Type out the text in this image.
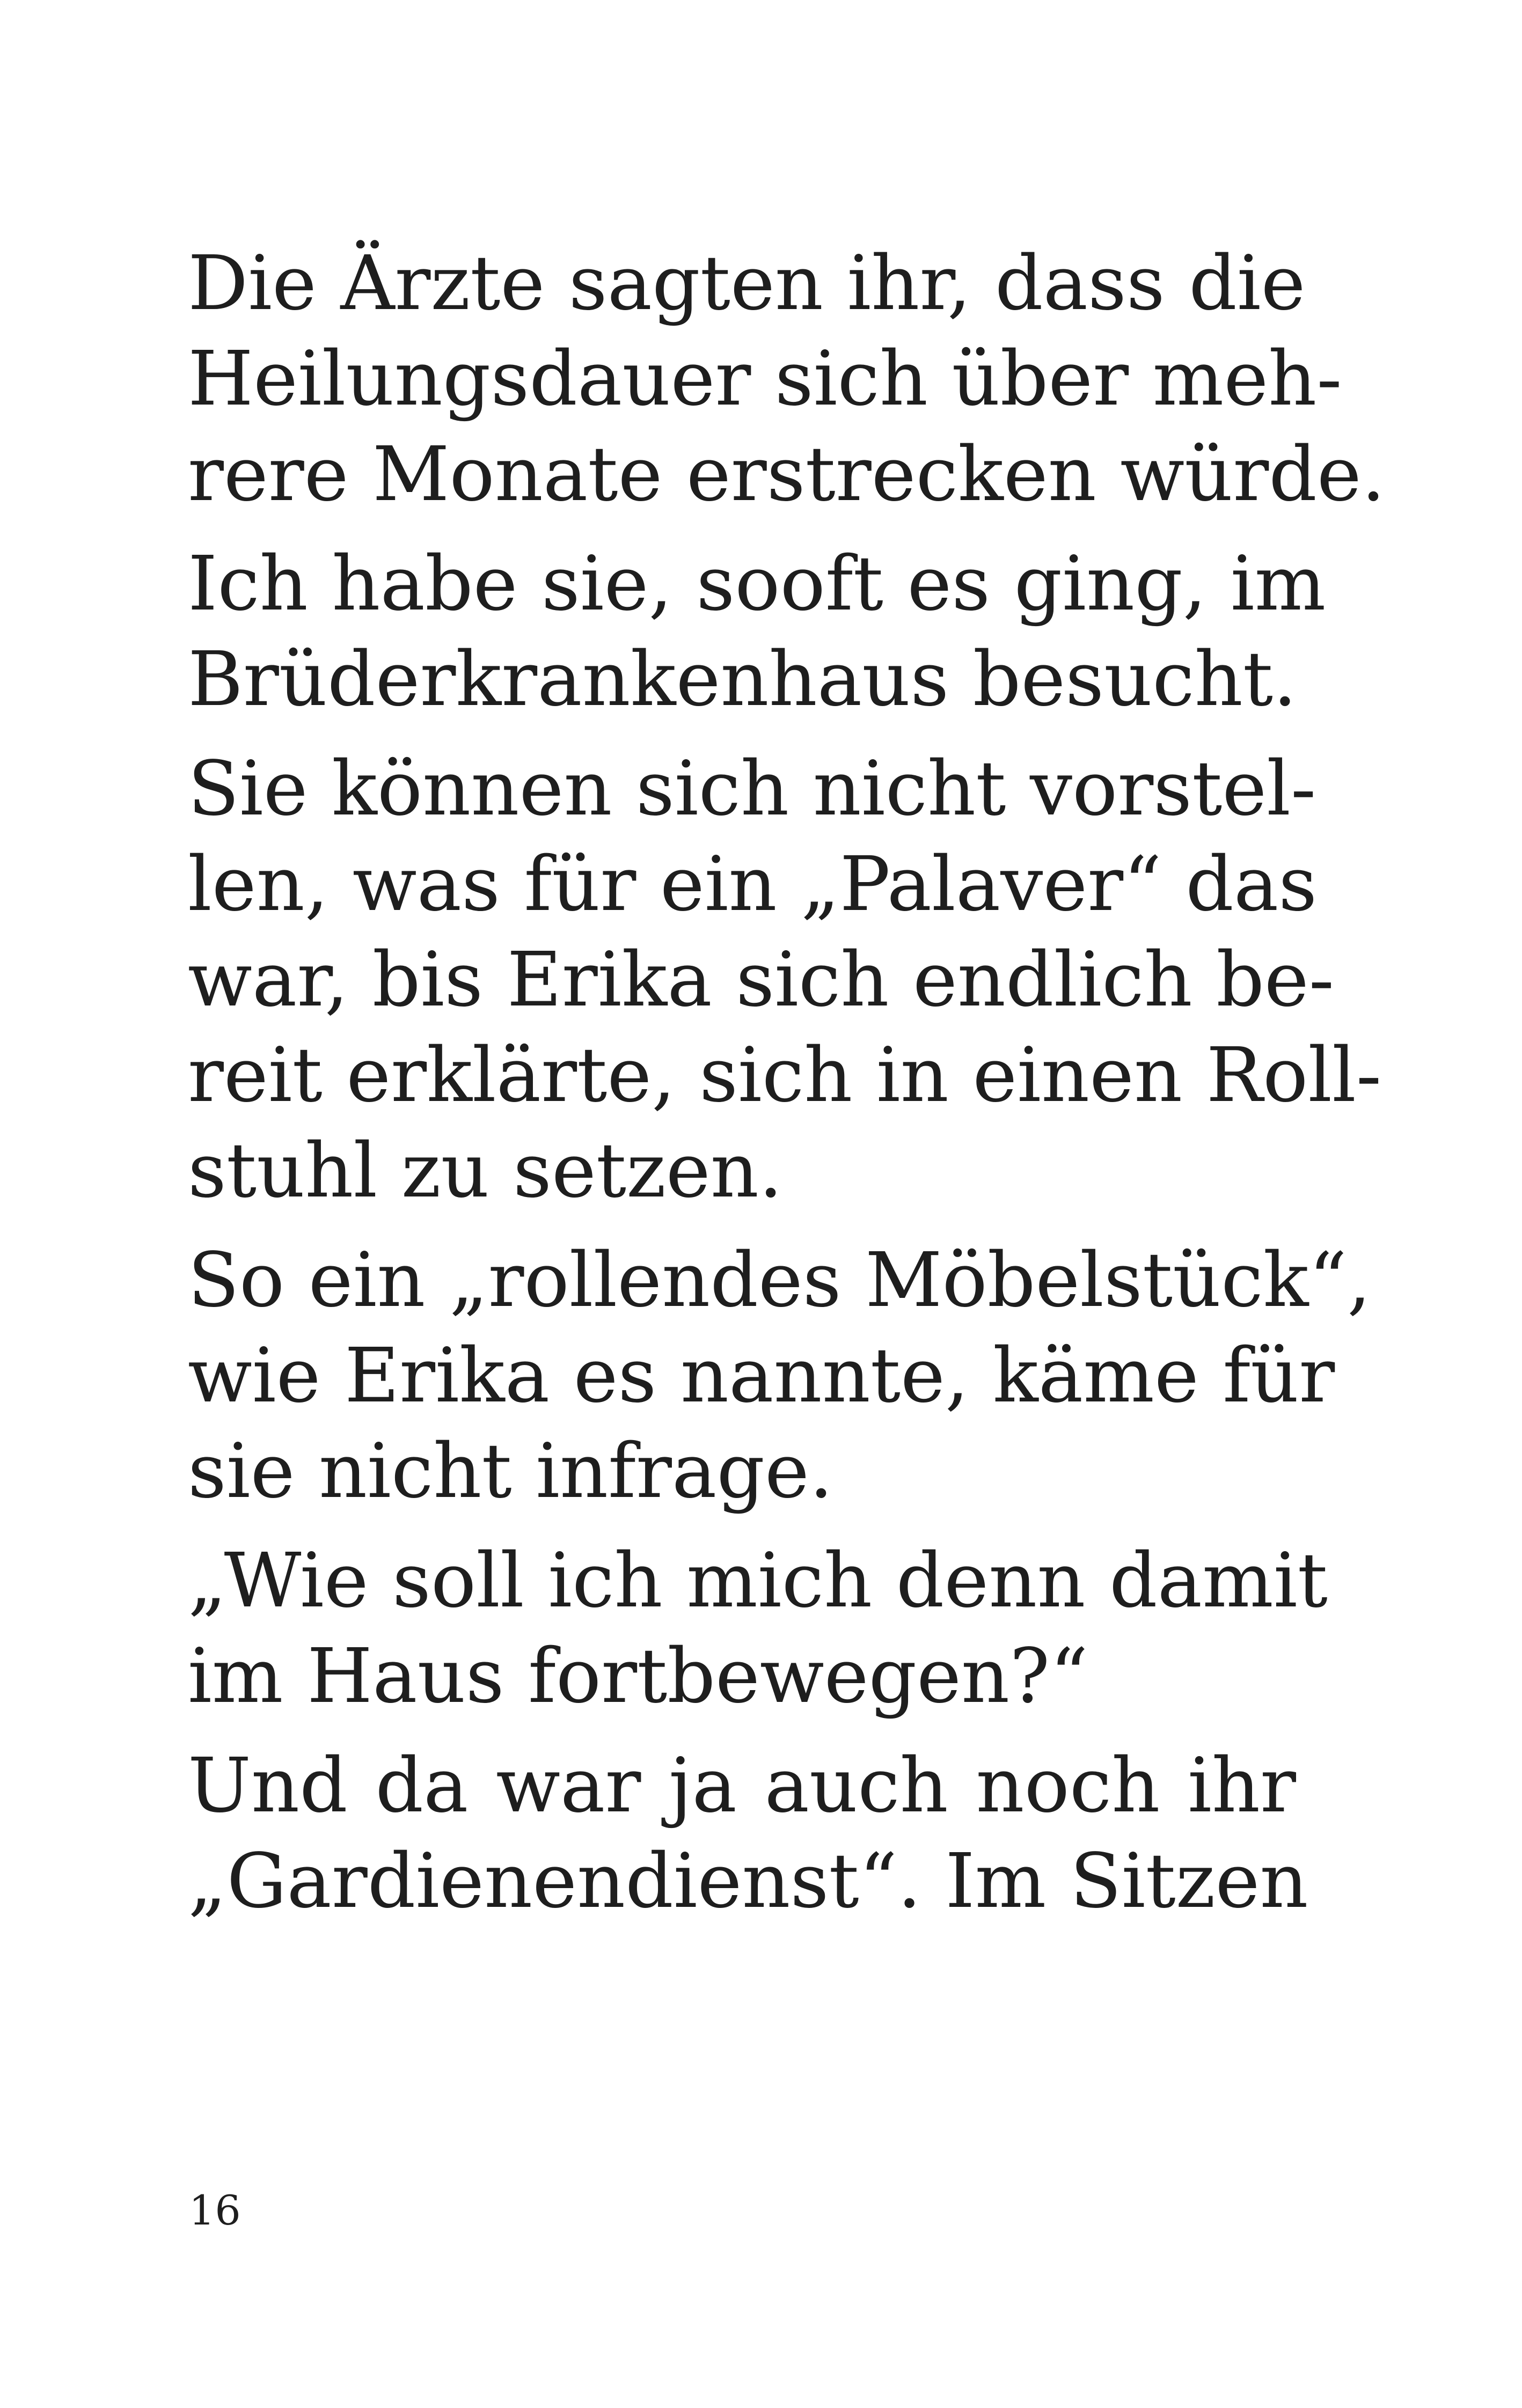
Die Ärzte sagten ihr, dass die
Heilungsdauer sich über meh-
rere Monate erstrecken würde.

Ich habe sie, sooft es ging, im
Brüderkrankenhaus besucht.

Sie können sich nicht vorstel-
len, was für ein „Palaver“ das
war, bis Erika sich endlich be-
reit erklärte, sich in einen Roll-
stuhl zu setzen.

So ein „rollendes Möbelstück“,
wie Erika es nannte, käme für
sie nicht infrage.

„Wie soll ich mich denn damit
im Haus fortbewegen?“

Und da war ja auch noch ihr
„Gardienendienst“. Im Sitzen

16
